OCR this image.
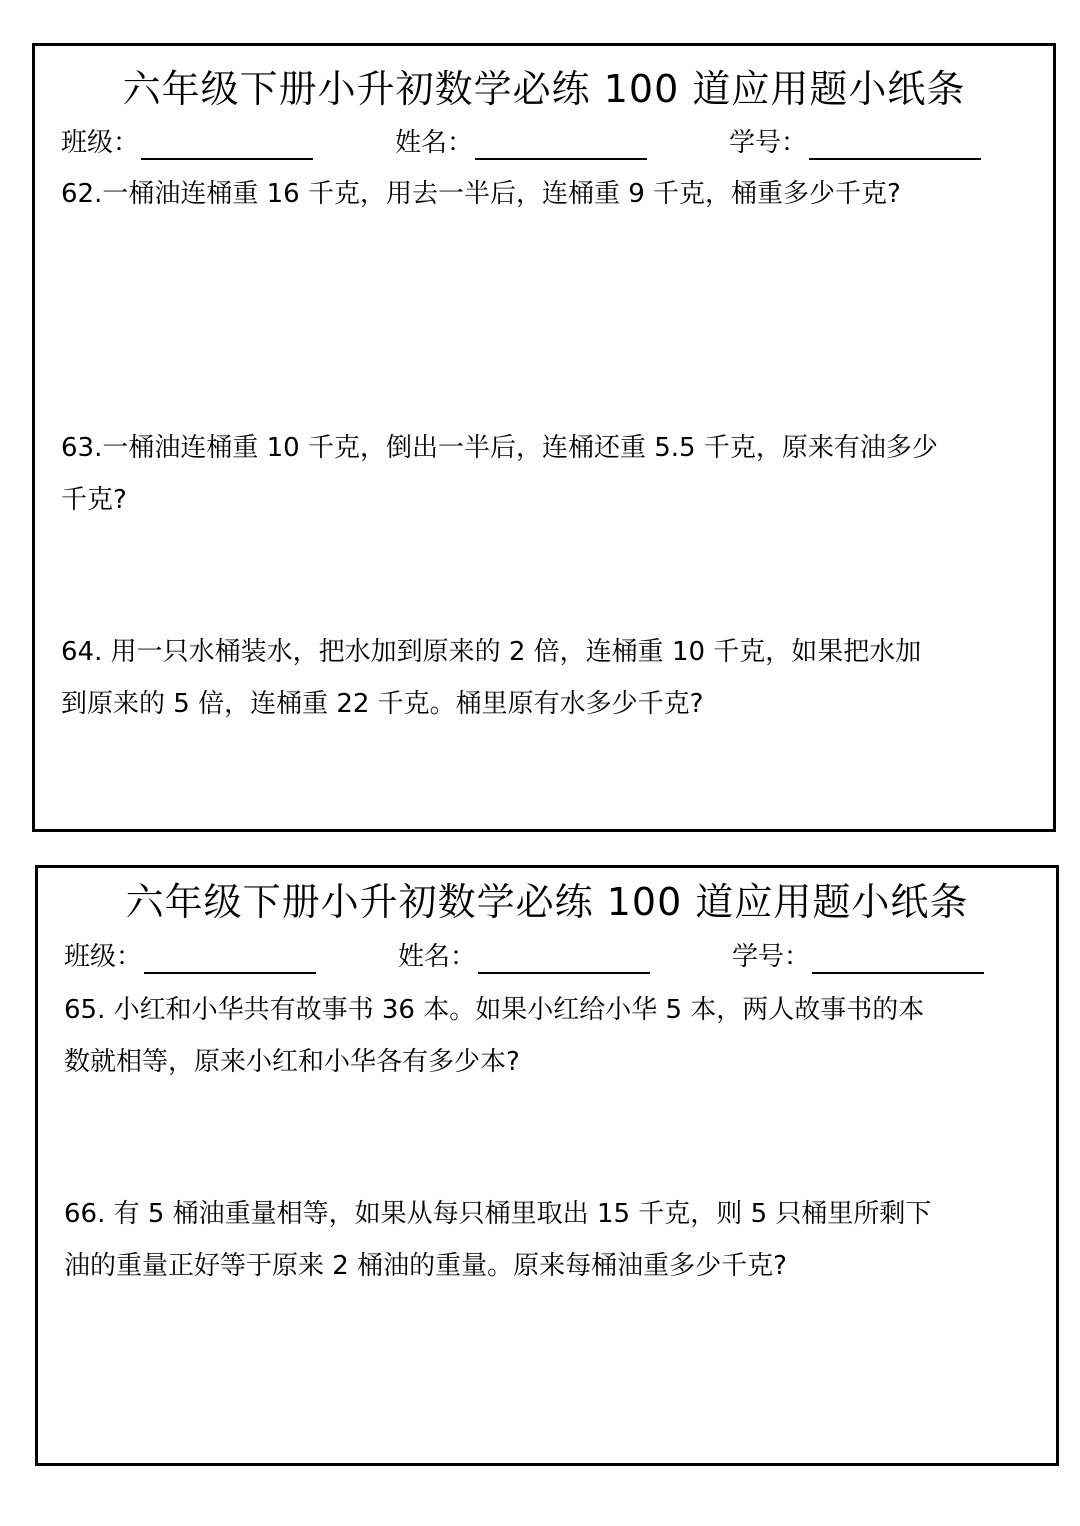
六年级下册小升初数学必练 100 道应用题小纸条
班级：	姓名：	学号：
62.一桶油连桶重 16 千克，用去一半后，连桶重 9 千克，桶重多少千克?
63.一桶油连桶重 10 千克，倒出一半后，连桶还重 5.5 千克，原来有油多少
千克?
64. 用一只水桶装水，把水加到原来的 2 倍，连桶重 10 千克，如果把水加
到原来的 5 倍，连桶重 22 千克。桶里原有水多少千克?
六年级下册小升初数学必练 100 道应用题小纸条
班级：	姓名：	学号：
65. 小红和小华共有故事书 36 本。如果小红给小华 5 本，两人故事书的本
数就相等，原来小红和小华各有多少本?
66. 有 5 桶油重量相等，如果从每只桶里取出 15 千克，则 5 只桶里所剩下
油的重量正好等于原来 2 桶油的重量。原来每桶油重多少千克?
